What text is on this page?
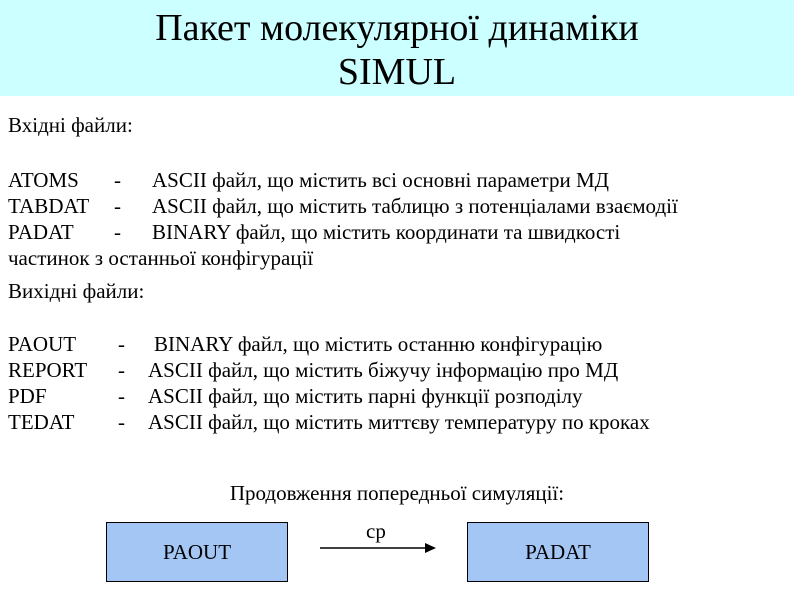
Пакет молекулярної динаміки
SIMUL
Вхідні файли:
ATOMS - ASCII файл, що містить всі основні параметри МД
TABDAT - ASCII файл, що містить таблицю з потенціалами взаємодії
PADAT - BINARY файл, що містить координати та швидкості
частинок з останньої конфігурації
Вихідні файли:
PAOUT - BINARY файл, що містить останню конфігурацію
REPORT - ASCII файл, що містить біжучу інформацію про МД
PDF	- ASCII файл, що містить парні функції розподілу
TEDAT - ASCII файл, що містить миттєву температуру по кроках
Продовження попередньої симуляції:
PAOUT
cp
PADAT
